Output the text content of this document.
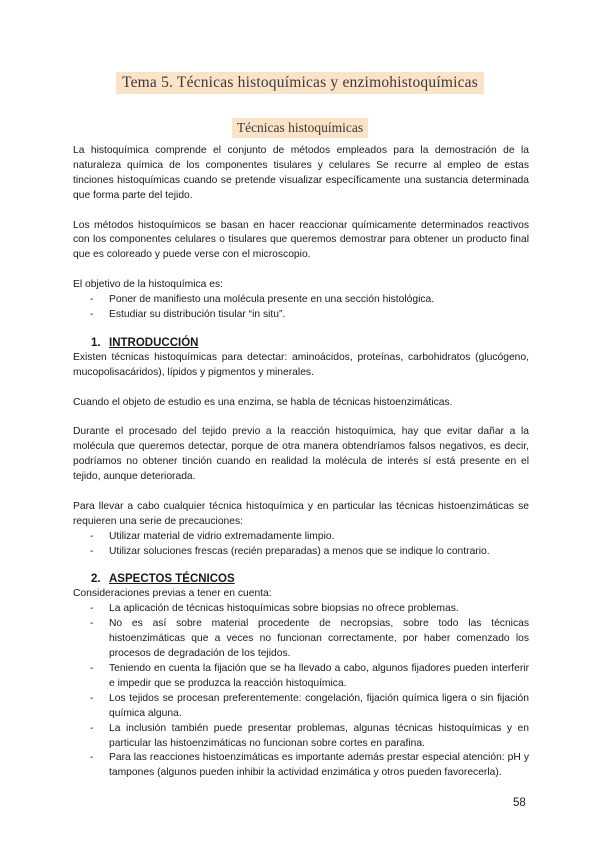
Tema 5. Técnicas histoquímicas y enzimohistoquímicas
Técnicas histoquímicas

La histoquímica comprende el conjunto de métodos empleados para la demostración de la naturaleza química de los componentes tisulares y celulares Se recurre al empleo de estas tinciones histoquímicas cuando se pretende visualizar específicamente una sustancia determinada que forma parte del tejido.

Los métodos histoquímicos se basan en hacer reaccionar químicamente determinados reactivos con los componentes celulares o tisulares que queremos demostrar para obtener un producto final que es coloreado y puede verse con el microscopio.

El objetivo de la histoquímica es:

- Poner de manifiesto una molécula presente en una sección histológica.
- Estudiar su distribución tisular “in situ”.
1. INTRODUCCIÓN

Existen técnicas histoquímicas para detectar: aminoácidos, proteínas, carbohidratos (glucógeno, mucopolisacáridos), lípidos y pigmentos y minerales.

Cuando el objeto de estudio es una enzima, se habla de técnicas histoenzimáticas.

Durante el procesado del tejido previo a la reacción histoquímica, hay que evitar dañar a la molécula que queremos detectar, porque de otra manera obtendríamos falsos negativos, es decir, podríamos no obtener tinción cuando en realidad la molécula de interés sí está presente en el tejido, aunque deteriorada.

Para llevar a cabo cualquier técnica histoquímica y en particular las técnicas histoenzimáticas se requieren una serie de precauciones:

- Utilizar material de vidrio extremadamente limpio.
- Utilizar soluciones frescas (recién preparadas) a menos que se indique lo contrario.
2. ASPECTOS TÉCNICOS

Consideraciones previas a tener en cuenta:

- La aplicación de técnicas histoquímicas sobre biopsias no ofrece problemas.
- No es así sobre material procedente de necropsias, sobre todo las técnicas histoenzimáticas que a veces no funcionan correctamente, por haber comenzado los procesos de degradación de los tejidos.
- Teniendo en cuenta la fijación que se ha llevado a cabo, algunos fijadores pueden interferir e impedir que se produzca la reacción histoquímica.
- Los tejidos se procesan preferentemente: congelación, fijación química ligera o sin fijación química alguna.
- La inclusión también puede presentar problemas, algunas técnicas histoquímicas y en particular las histoenzimáticas no funcionan sobre cortes en parafina.
- Para las reacciones histoenzimáticas es importante además prestar especial atención: pH y tampones (algunos pueden inhibir la actividad enzimática y otros pueden favorecerla).
58
